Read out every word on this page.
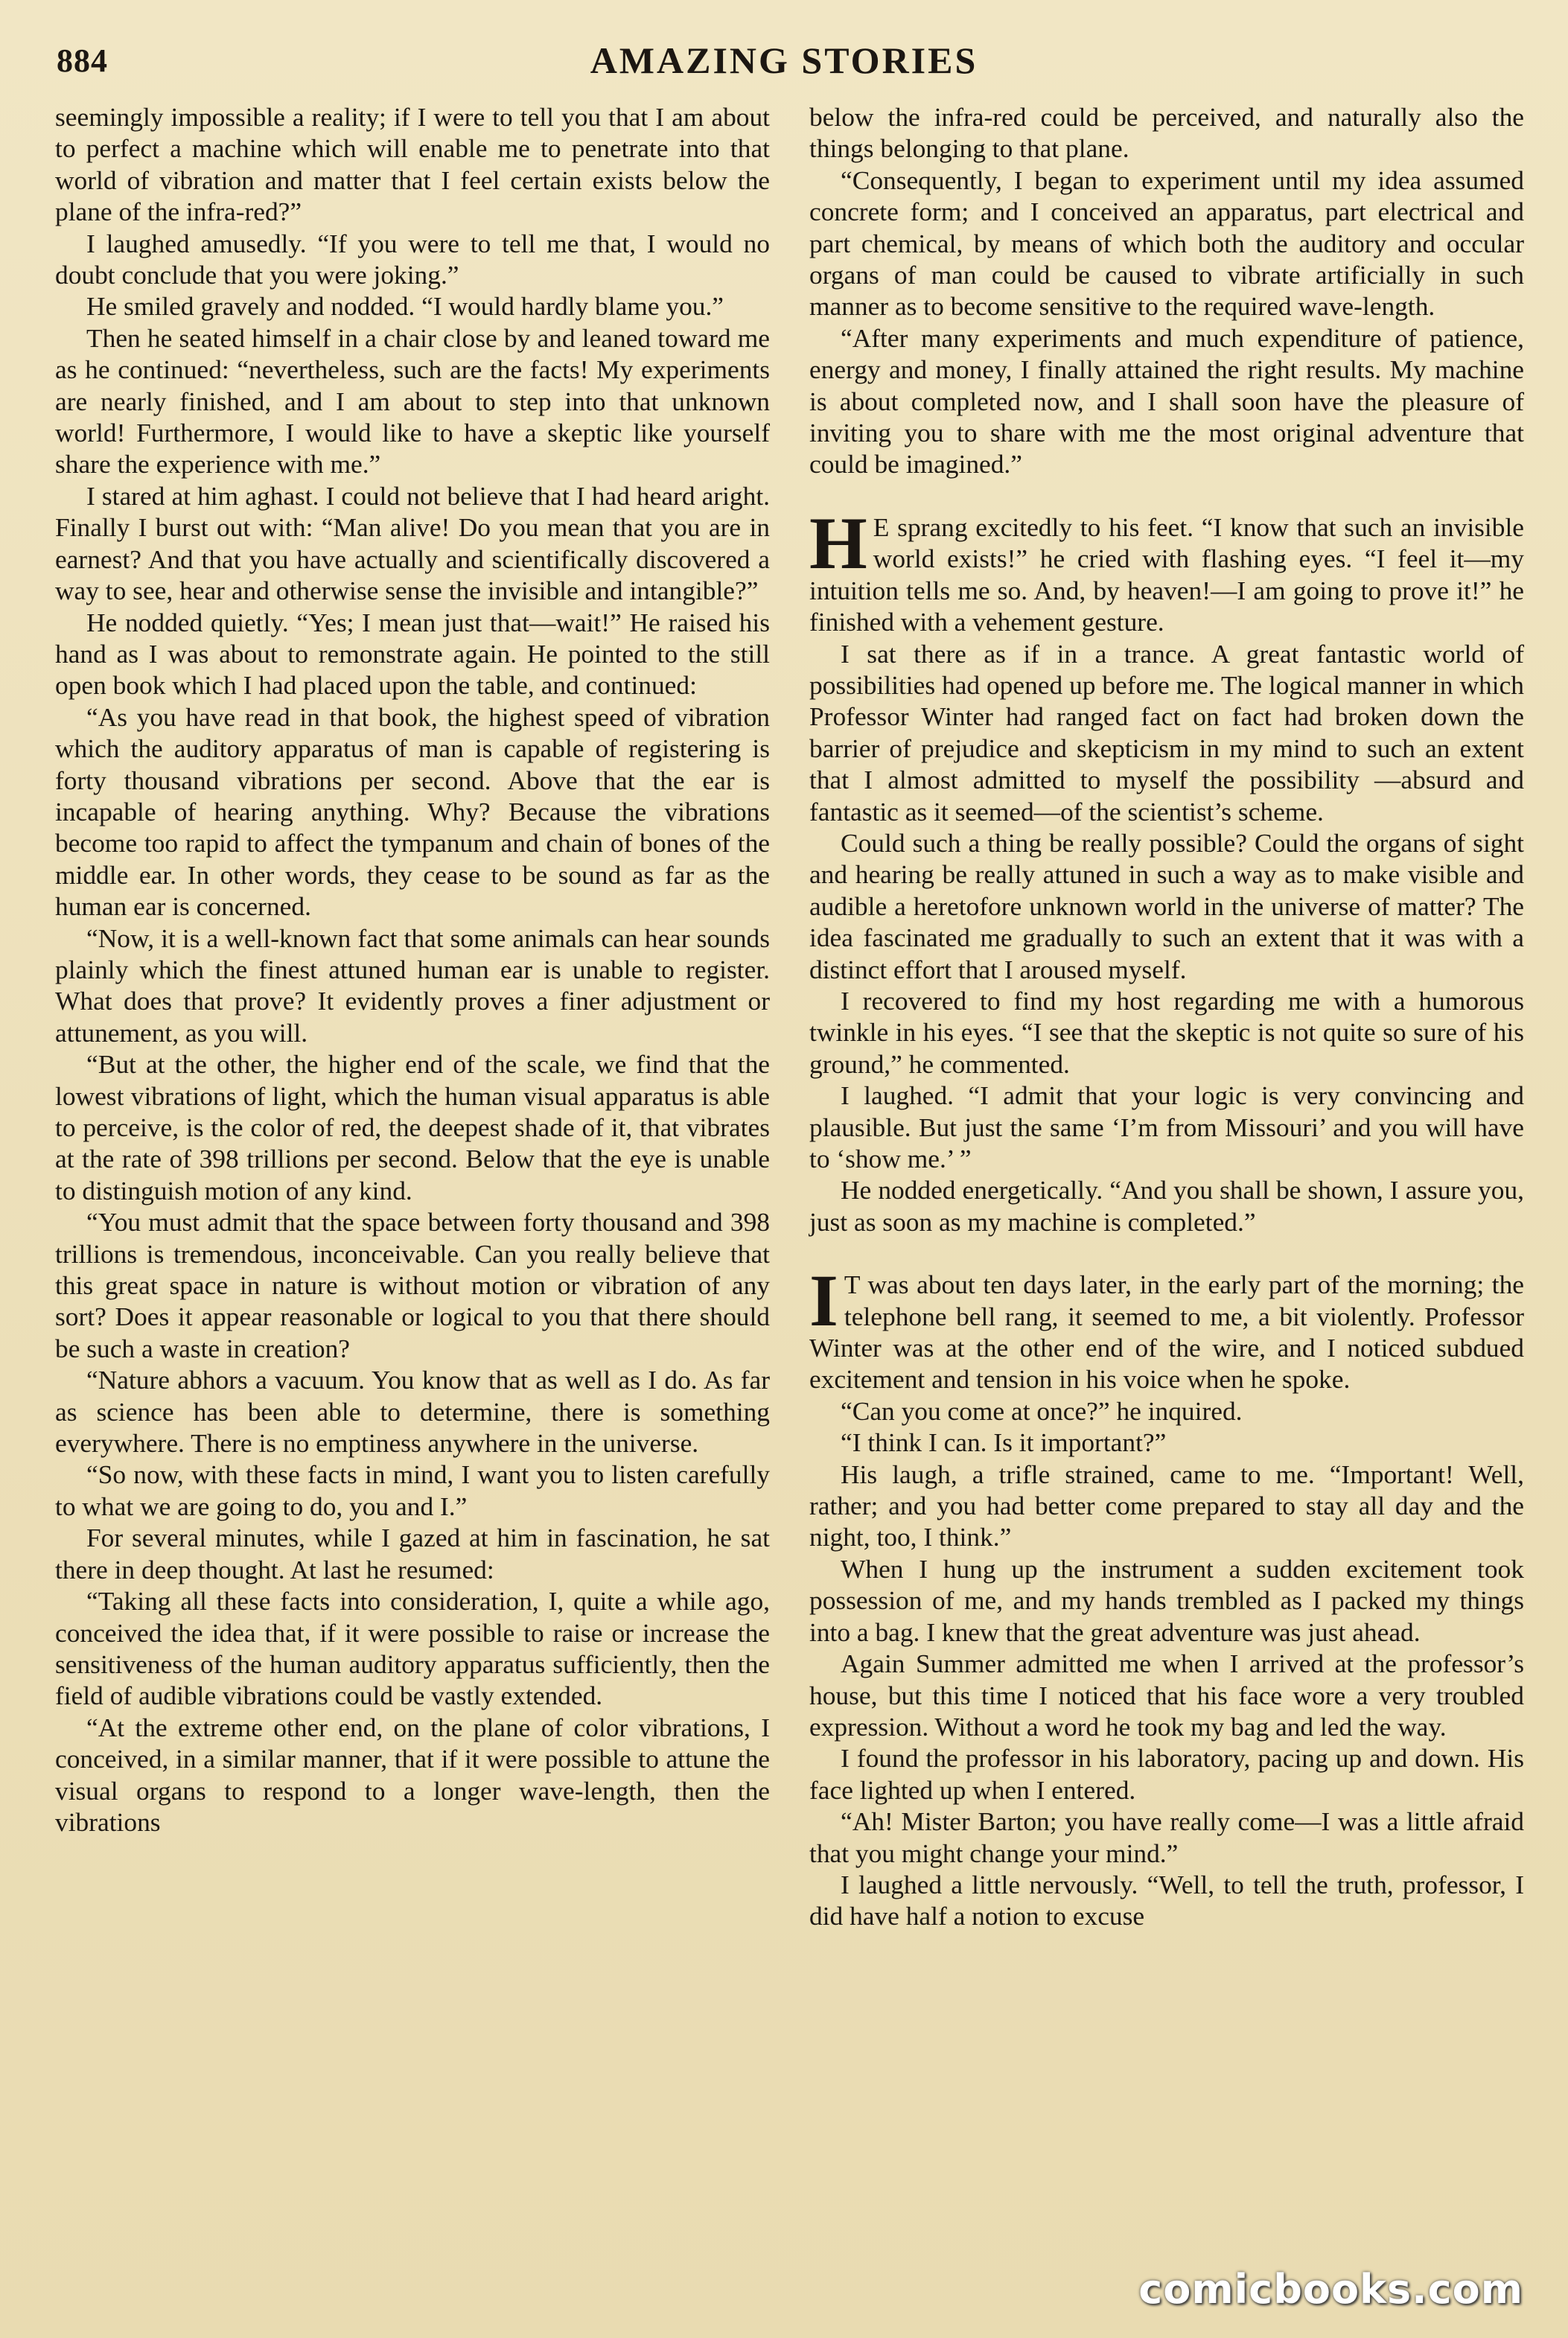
884	AMAZING STORIES

seemingly impossible a reality; if I were to tell you that I am about to perfect a machine which will enable me to penetrate into that world of vibration and matter that I feel certain exists below the plane of the infra-red?”

I laughed amusedly. “If you were to tell me that, I would no doubt conclude that you were joking.”

He smiled gravely and nodded. “I would hardly blame you.”

Then he seated himself in a chair close by and leaned toward me as he continued: “nevertheless, such are the facts! My experiments are nearly finished, and I am about to step into that unknown world! Furthermore, I would like to have a skeptic like yourself share the experience with me.”

I stared at him aghast. I could not believe that I had heard aright. Finally I burst out with: “Man alive! Do you mean that you are in earnest? And that you have actually and scientifically discovered a way to see, hear and otherwise sense the invisible and intangible?”

He nodded quietly. “Yes; I mean just that—wait!” He raised his hand as I was about to remonstrate again. He pointed to the still open book which I had placed upon the table, and continued:

“As you have read in that book, the highest speed of vibration which the auditory apparatus of man is capable of registering is forty thousand vibrations per second. Above that the ear is incapable of hearing anything. Why? Because the vibrations become too rapid to affect the tympanum and chain of bones of the middle ear. In other words, they cease to be sound as far as the human ear is concerned.

“Now, it is a well-known fact that some animals can hear sounds plainly which the finest attuned human ear is unable to register. What does that prove? It evidently proves a finer adjustment or attunement, as you will.

“But at the other, the higher end of the scale, we find that the lowest vibrations of light, which the human visual apparatus is able to perceive, is the color of red, the deepest shade of it, that vibrates at the rate of 398 trillions per second. Below that the eye is unable to distinguish motion of any kind.

“You must admit that the space between forty thousand and 398 trillions is tremendous, inconceivable. Can you really believe that this great space in nature is without motion or vibration of any sort? Does it appear reasonable or logical to you that there should be such a waste in creation?

“Nature abhors a vacuum. You know that as well as I do. As far as science has been able to determine, there is something everywhere. There is no emptiness anywhere in the universe.

“So now, with these facts in mind, I want you to listen carefully to what we are going to do, you and I.”

For several minutes, while I gazed at him in fascination, he sat there in deep thought. At last he resumed:

“Taking all these facts into consideration, I, quite a while ago, conceived the idea that, if it were possible to raise or increase the sensitiveness of the human auditory apparatus sufficiently, then the field of audible vibrations could be vastly extended.

“At the extreme other end, on the plane of color vibrations, I conceived, in a similar manner, that if it were possible to attune the visual organs to respond to a longer wave-length, then the vibrations

below the infra-red could be perceived, and naturally also the things belonging to that plane.

“Consequently, I began to experiment until my idea assumed concrete form; and I conceived an apparatus, part electrical and part chemical, by means of which both the auditory and occular organs of man could be caused to vibrate artificially in such manner as to become sensitive to the required wave-length.

“After many experiments and much expenditure of patience, energy and money, I finally attained the right results. My machine is about completed now, and I shall soon have the pleasure of inviting you to share with me the most original adventure that could be imagined.”

H E sprang excitedly to his feet. “I know that such an invisible world exists!” he cried with flashing eyes. “I feel it—my intuition tells me so. And, by heaven!—I am going to prove it!” he finished with a vehement gesture.

I sat there as if in a trance. A great fantastic world of possibilities had opened up before me. The logical manner in which Professor Winter had ranged fact on fact had broken down the barrier of prejudice and skepticism in my mind to such an extent that I almost admitted to myself the possibility —absurd and fantastic as it seemed—of the scientist’s scheme.

Could such a thing be really possible? Could the organs of sight and hearing be really attuned in such a way as to make visible and audible a heretofore unknown world in the universe of matter? The idea fascinated me gradually to such an extent that it was with a distinct effort that I aroused myself.

I recovered to find my host regarding me with a humorous twinkle in his eyes. “I see that the skeptic is not quite so sure of his ground,” he commented.

I laughed. “I admit that your logic is very convincing and plausible. But just the same ‘I’m from Missouri’ and you will have to ‘show me.’ ”

He nodded energetically. “And you shall be shown, I assure you, just as soon as my machine is completed.”

I T was about ten days later, in the early part of the morning; the telephone bell rang, it seemed to me, a bit violently. Professor Winter was at the other end of the wire, and I noticed subdued excitement and tension in his voice when he spoke.

“Can you come at once?” he inquired.

“I think I can. Is it important?”

His laugh, a trifle strained, came to me. “Important! Well, rather; and you had better come prepared to stay all day and the night, too, I think.”

When I hung up the instrument a sudden excitement took possession of me, and my hands trembled as I packed my things into a bag. I knew that the great adventure was just ahead.

Again Summer admitted me when I arrived at the professor’s house, but this time I noticed that his face wore a very troubled expression. Without a word he took my bag and led the way.

I found the professor in his laboratory, pacing up and down. His face lighted up when I entered.

“Ah! Mister Barton; you have really come—I was a little afraid that you might change your mind.”

I laughed a little nervously. “Well, to tell the truth, professor, I did have half a notion to excuse

comicbooks.com
